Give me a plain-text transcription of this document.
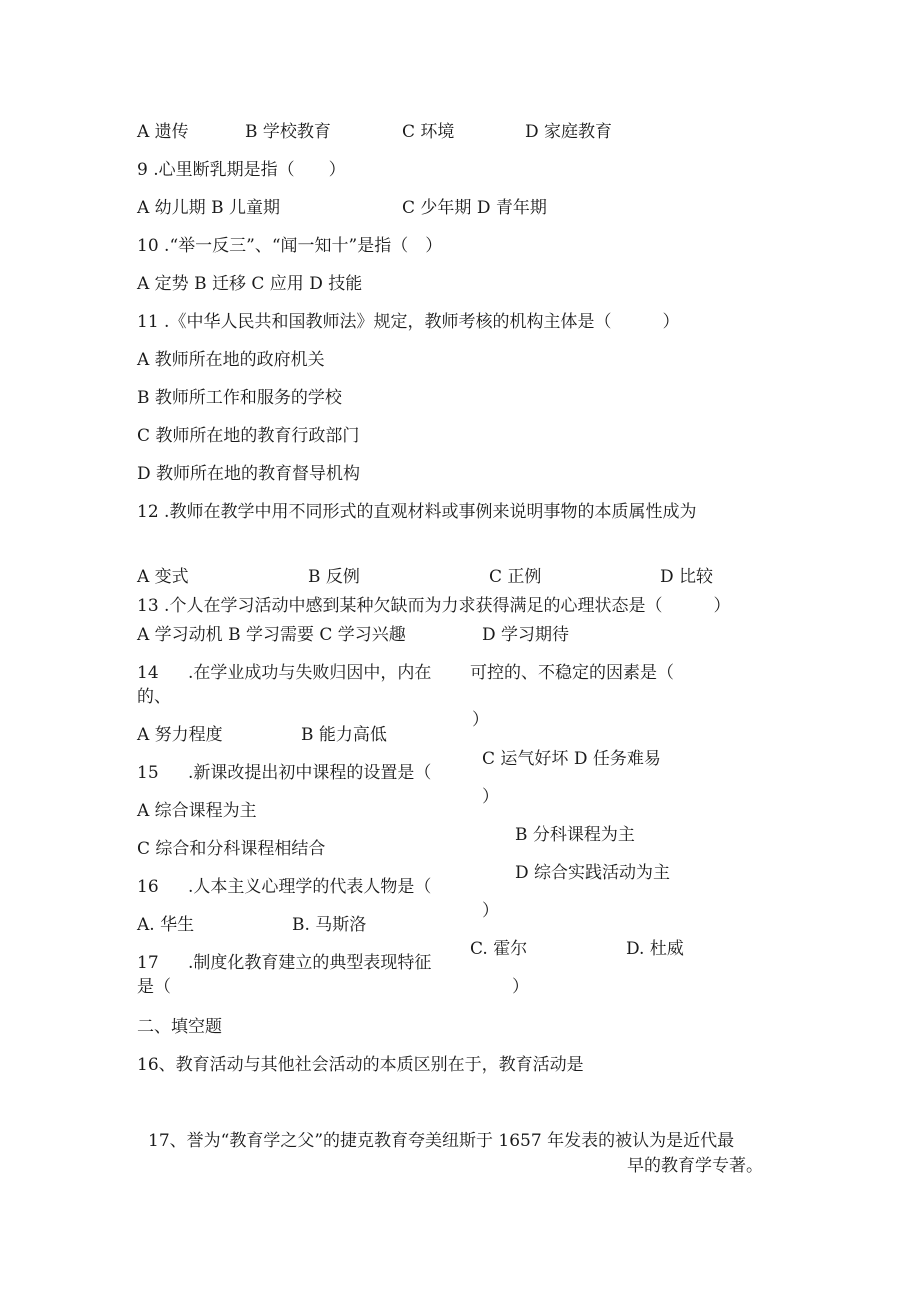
A 遗传	B 学校教育	C 环境	D 家庭教育
9 .心里断乳期是指（　　）
A 幼儿期 B 儿童期	C 少年期 D 青年期
10 .“举一反三”、“闻一知十”是指（　）
A 定势 B 迁移 C 应用 D 技能
11 .《中华人民共和国教师法》规定，教师考核的机构主体是（　　　）
A 教师所在地的政府机关
B 教师所工作和服务的学校
C 教师所在地的教育行政部门
D 教师所在地的教育督导机构
12 .教师在教学中用不同形式的直观材料或事例来说明事物的本质属性成为
A 变式	B 反例	C 正例	D 比较
13 .个人在学习活动中感到某种欠缺而为力求获得满足的心理状态是（　　　）
A 学习动机 B 学习需要 C 学习兴趣	D 学习期待
14 .在学业成功与失败归因中，内在
的、
可控的、不稳定的因素是（
）
A 努力程度	B 能力高低
C 运气好坏 D 任务难易
15 .新课改提出初中课程的设置是（
）
A 综合课程为主
B 分科课程为主
C 综合和分科课程相结合
D 综合实践活动为主
16 .人本主义心理学的代表人物是（
）
A. 华生	B. 马斯洛
C. 霍尔	D. 杜威
17 .制度化教育建立的典型表现特征
是（	）
二、填空题
16、教育活动与其他社会活动的本质区别在于，教育活动是
17、誉为“教育学之父”的捷克教育夸美纽斯于 1657 年发表的被认为是近代最
早的教育学专著。
